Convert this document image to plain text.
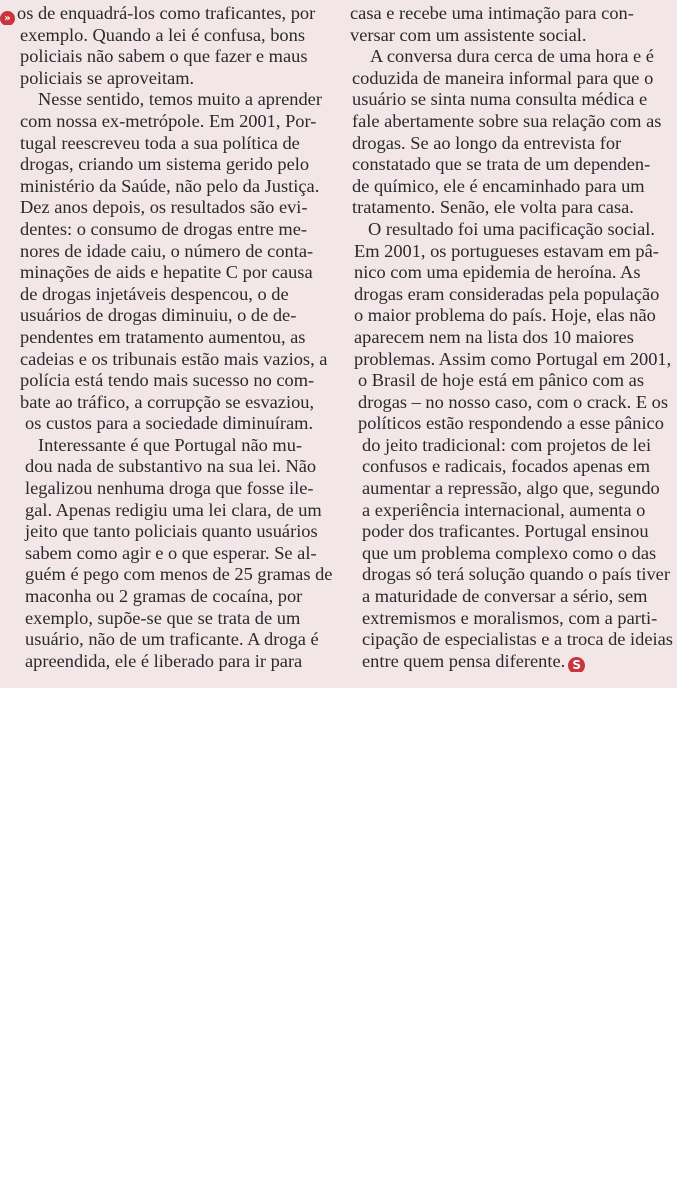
» os de enquadrá-los como traficantes, por
exemplo. Quando a lei é confusa, bons
policiais não sabem o que fazer e maus
policiais se aproveitam.
Nesse sentido, temos muito a aprender
com nossa ex-metrópole. Em 2001, Por-
tugal reescreveu toda a sua política de
drogas, criando um sistema gerido pelo
ministério da Saúde, não pelo da Justiça.
Dez anos depois, os resultados são evi-
dentes: o consumo de drogas entre me-
nores de idade caiu, o número de conta-
minações de aids e hepatite C por causa
de drogas injetáveis despencou, o de
usuários de drogas diminuiu, o de de-
pendentes em tratamento aumentou, as
cadeias e os tribunais estão mais vazios, a
polícia está tendo mais sucesso no com-
bate ao tráfico, a corrupção se esvaziou,
os custos para a sociedade diminuíram.
Interessante é que Portugal não mu-
dou nada de substantivo na sua lei. Não
legalizou nenhuma droga que fosse ile-
gal. Apenas redigiu uma lei clara, de um
jeito que tanto policiais quanto usuários
sabem como agir e o que esperar. Se al-
guém é pego com menos de 25 gramas de
maconha ou 2 gramas de cocaína, por
exemplo, supõe-se que se trata de um
usuário, não de um traficante. A droga é
apreendida, ele é liberado para ir para
casa e recebe uma intimação para con-
versar com um assistente social.
A conversa dura cerca de uma hora e é
coduzida de maneira informal para que o
usuário se sinta numa consulta médica e
fale abertamente sobre sua relação com as
drogas. Se ao longo da entrevista for
constatado que se trata de um dependen-
de químico, ele é encaminhado para um
tratamento. Senão, ele volta para casa.
O resultado foi uma pacificação social.
Em 2001, os portugueses estavam em pâ-
nico com uma epidemia de heroína. As
drogas eram consideradas pela população
o maior problema do país. Hoje, elas não
aparecem nem na lista dos 10 maiores
problemas. Assim como Portugal em 2001,
o Brasil de hoje está em pânico com as
drogas – no nosso caso, com o crack. E os
políticos estão respondendo a esse pânico
do jeito tradicional: com projetos de lei
confusos e radicais, focados apenas em
aumentar a repressão, algo que, segundo
a experiência internacional, aumenta o
poder dos traficantes. Portugal ensinou
que um problema complexo como o das
drogas só terá solução quando o país tiver
a maturidade de conversar a sério, sem
extremismos e moralismos, com a parti-
cipação de especialistas e a troca de ideias
entre quem pensa diferente. S
